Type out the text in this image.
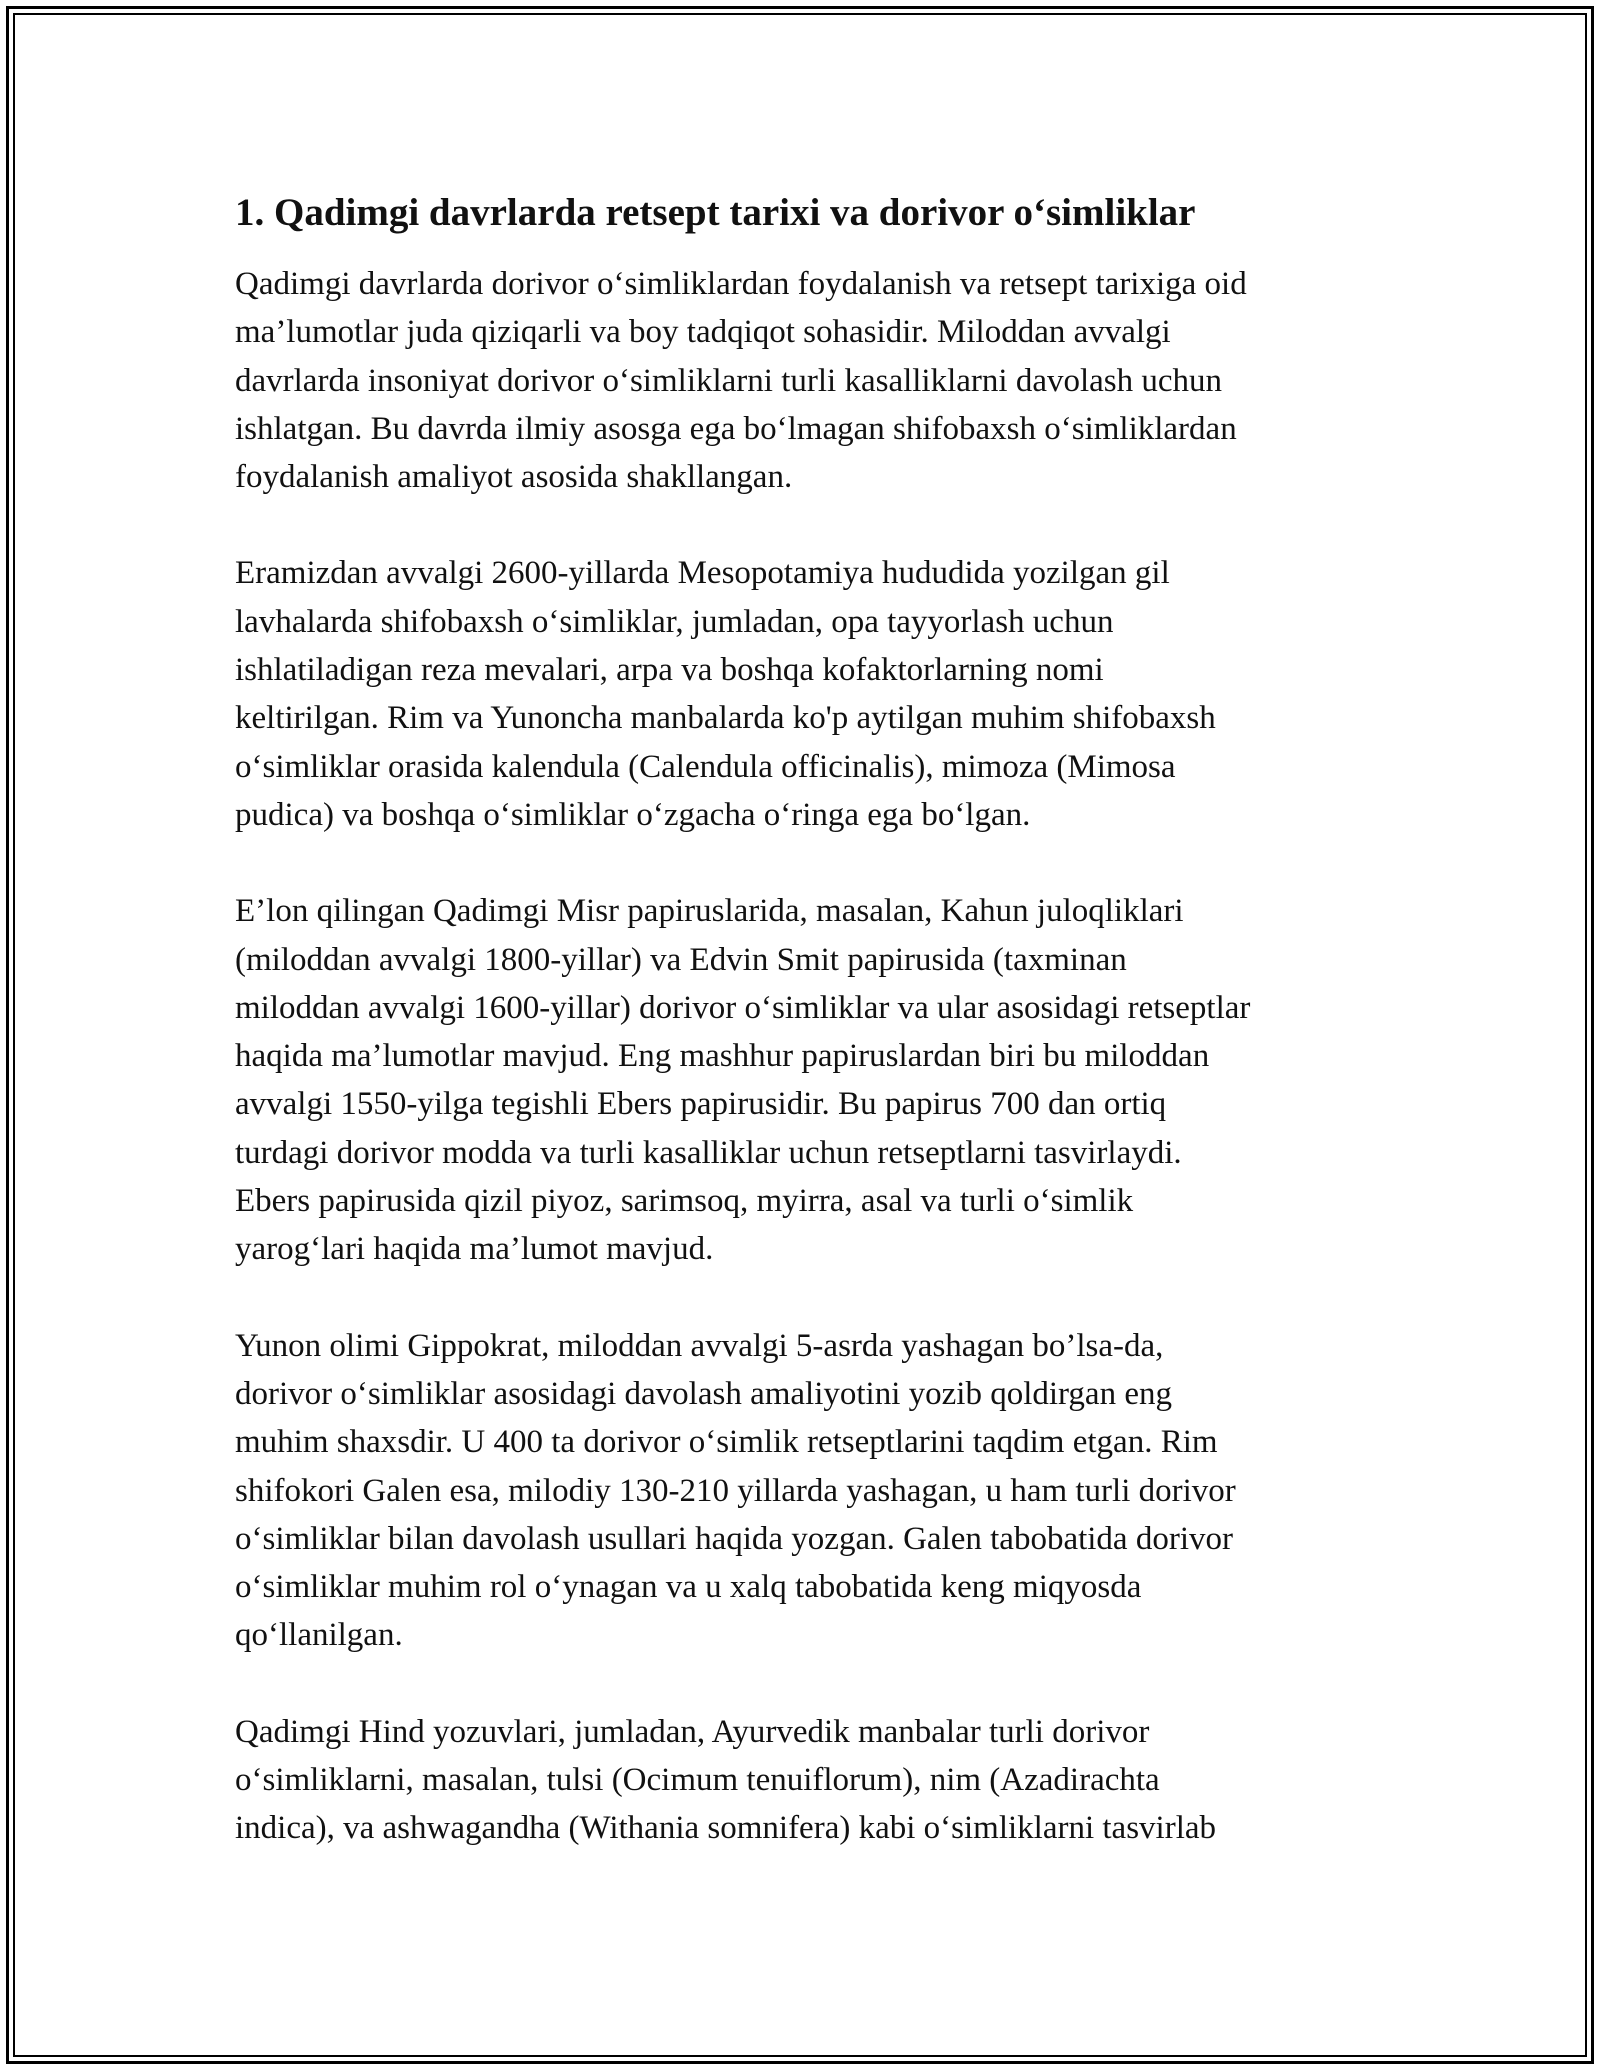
1. Qadimgi davrlarda retsept tarixi va dorivor o‘simliklar
Qadimgi davrlarda dorivor o‘simliklardan foydalanish va retsept tarixiga oid
ma’lumotlar juda qiziqarli va boy tadqiqot sohasidir. Miloddan avvalgi
davrlarda insoniyat dorivor o‘simliklarni turli kasalliklarni davolash uchun
ishlatgan. Bu davrda ilmiy asosga ega bo‘lmagan shifobaxsh o‘simliklardan
foydalanish amaliyot asosida shakllangan.
Eramizdan avvalgi 2600-yillarda Mesopotamiya hududida yozilgan gil
lavhalarda shifobaxsh o‘simliklar, jumladan, opa tayyorlash uchun
ishlatiladigan reza mevalari, arpa va boshqa kofaktorlarning nomi
keltirilgan. Rim va Yunoncha manbalarda ko'p aytilgan muhim shifobaxsh
o‘simliklar orasida kalendula (Calendula officinalis), mimoza (Mimosa
pudica) va boshqa o‘simliklar o‘zgacha o‘ringa ega bo‘lgan.
E’lon qilingan Qadimgi Misr papiruslarida, masalan, Kahun juloqliklari
(miloddan avvalgi 1800-yillar) va Edvin Smit papirusida (taxminan
miloddan avvalgi 1600-yillar) dorivor o‘simliklar va ular asosidagi retseptlar
haqida ma’lumotlar mavjud. Eng mashhur papiruslardan biri bu miloddan
avvalgi 1550-yilga tegishli Ebers papirusidir. Bu papirus 700 dan ortiq
turdagi dorivor modda va turli kasalliklar uchun retseptlarni tasvirlaydi.
Ebers papirusida qizil piyoz, sarimsoq, myirra, asal va turli o‘simlik
yarog‘lari haqida ma’lumot mavjud.
Yunon olimi Gippokrat, miloddan avvalgi 5-asrda yashagan bo’lsa-da,
dorivor o‘simliklar asosidagi davolash amaliyotini yozib qoldirgan eng
muhim shaxsdir. U 400 ta dorivor o‘simlik retseptlarini taqdim etgan. Rim
shifokori Galen esa, milodiy 130-210 yillarda yashagan, u ham turli dorivor
o‘simliklar bilan davolash usullari haqida yozgan. Galen tabobatida dorivor
o‘simliklar muhim rol o‘ynagan va u xalq tabobatida keng miqyosda
qo‘llanilgan.
Qadimgi Hind yozuvlari, jumladan, Ayurvedik manbalar turli dorivor
o‘simliklarni, masalan, tulsi (Ocimum tenuiflorum), nim (Azadirachta
indica), va ashwagandha (Withania somnifera) kabi o‘simliklarni tasvirlab
